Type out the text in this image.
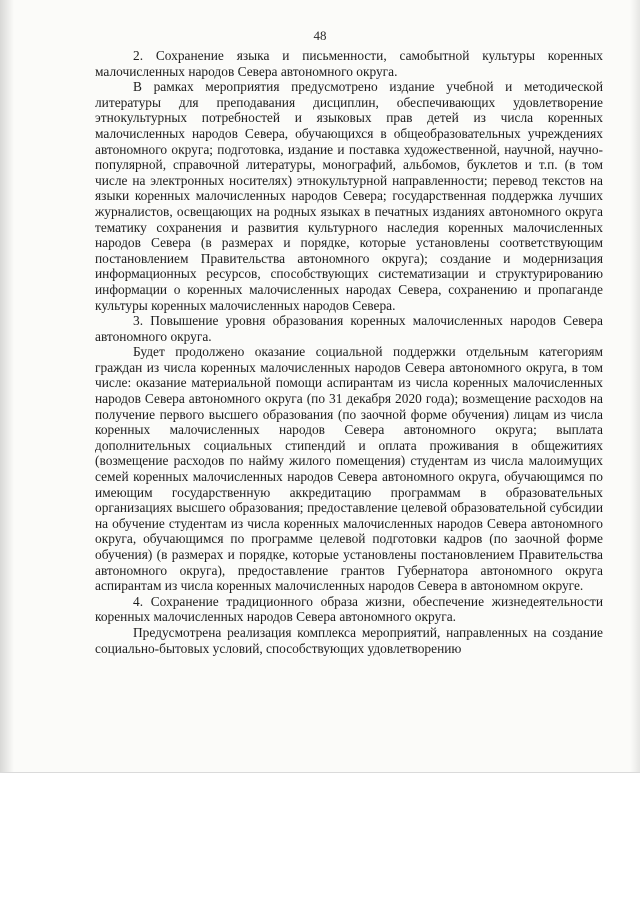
48

2. Сохранение языка и письменности, самобытной культуры коренных малочисленных народов Севера автономного округа.

В рамках мероприятия предусмотрено издание учебной и методической литературы для преподавания дисциплин, обеспечивающих удовлетворение этнокультурных потребностей и языковых прав детей из числа коренных малочисленных народов Севера, обучающихся в общеобразовательных учреждениях автономного округа; подготовка, издание и поставка художественной, научной, научно-популярной, справочной литературы, монографий, альбомов, буклетов и т.п. (в том числе на электронных носителях) этнокультурной направленности; перевод текстов на языки коренных малочисленных народов Севера; государственная поддержка лучших журналистов, освещающих на родных языках в печатных изданиях автономного округа тематику сохранения и развития культурного наследия коренных малочисленных народов Севера (в размерах и порядке, которые установлены соответствующим постановлением Правительства автономного округа); создание и модернизация информационных ресурсов, способствующих систематизации и структурированию информации о коренных малочисленных народах Севера, сохранению и пропаганде культуры коренных малочисленных народов Севера.

3. Повышение уровня образования коренных малочисленных народов Севера автономного округа.

Будет продолжено оказание социальной поддержки отдельным категориям граждан из числа коренных малочисленных народов Севера автономного округа, в том числе: оказание материальной помощи аспирантам из числа коренных малочисленных народов Севера автономного округа (по 31 декабря 2020 года); возмещение расходов на получение первого высшего образования (по заочной форме обучения) лицам из числа коренных малочисленных народов Севера автономного округа; выплата дополнительных социальных стипендий и оплата проживания в общежитиях (возмещение расходов по найму жилого помещения) студентам из числа малоимущих семей коренных малочисленных народов Севера автономного округа, обучающимся по имеющим государственную аккредитацию программам в образовательных организациях высшего образования; предоставление целевой образовательной субсидии на обучение студентам из числа коренных малочисленных народов Севера автономного округа, обучающимся по программе целевой подготовки кадров (по заочной форме обучения) (в размерах и порядке, которые установлены постановлением Правительства автономного округа), предоставление грантов Губернатора автономного округа аспирантам из числа коренных малочисленных народов Севера в автономном округе.

4. Сохранение традиционного образа жизни, обеспечение жизнедеятельности коренных малочисленных народов Севера автономного округа.

Предусмотрена реализация комплекса мероприятий, направленных на создание социально-бытовых условий, способствующих удовлетворению
